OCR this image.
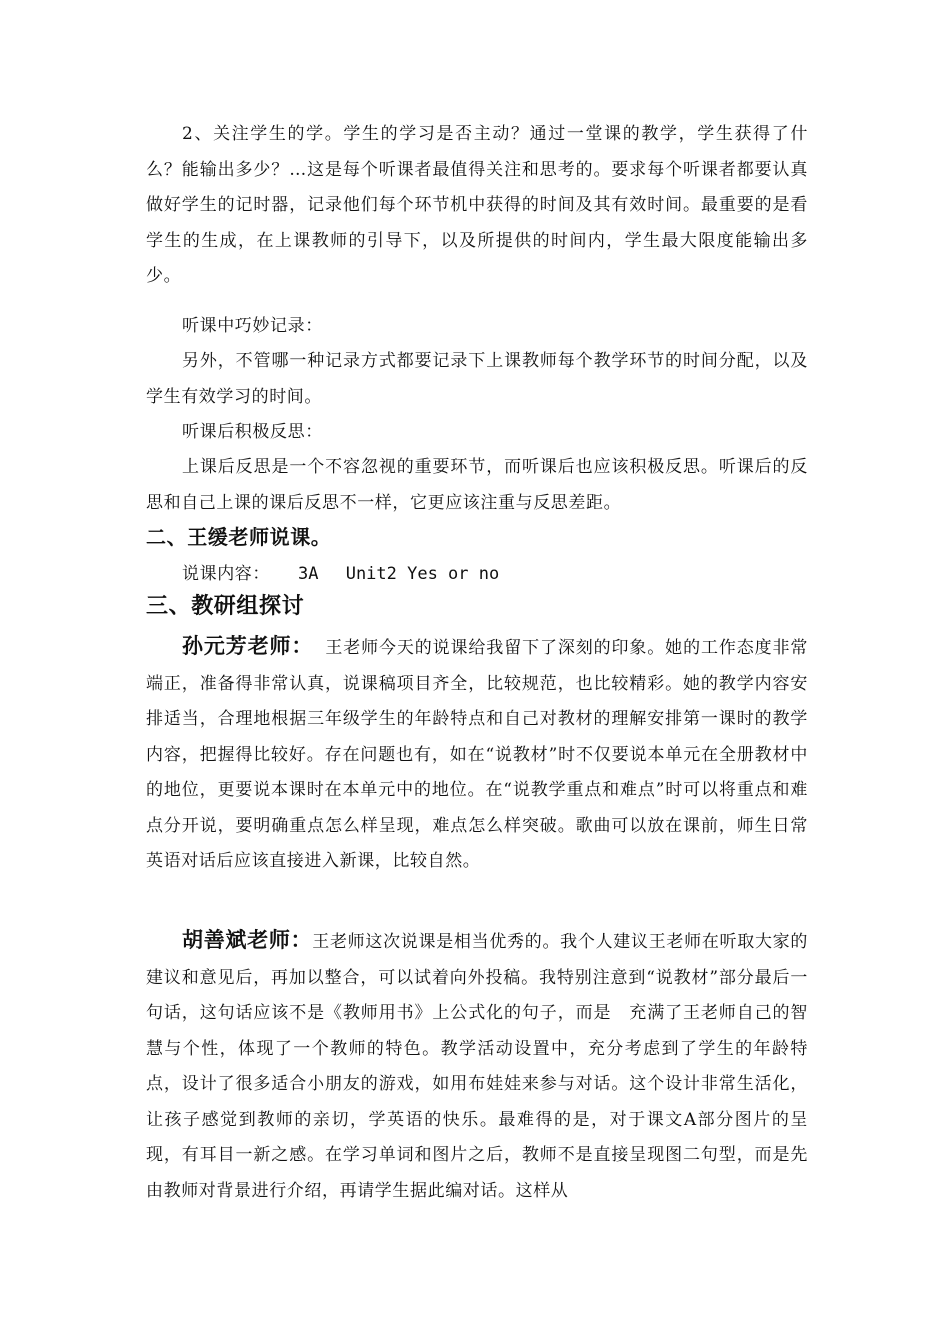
2、关注学生的学。学生的学习是否主动？通过一堂课的教学，学生获得了什么？能输出多少？…这是每个听课者最值得关注和思考的。要求每个听课者都要认真做好学生的记时器，记录他们每个环节机中获得的时间及其有效时间。最重要的是看学生的生成，在上课教师的引导下，以及所提供的时间内，学生最大限度能输出多少。

听课中巧妙记录：

另外，不管哪一种记录方式都要记录下上课教师每个教学环节的时间分配，以及学生有效学习的时间。

听课后积极反思：

上课后反思是一个不容忽视的重要环节，而听课后也应该积极反思。听课后的反思和自己上课的课后反思不一样，它更应该注重与反思差距。

二、王缓老师说课。

说课内容： 3A　 Unit2 Yes or no

三、教研组探讨

孙元芳老师： 王老师今天的说课给我留下了深刻的印象。她的工作态度非常端正，准备得非常认真，说课稿项目齐全，比较规范，也比较精彩。她的教学内容安排适当，合理地根据三年级学生的年龄特点和自己对教材的理解安排第一课时的教学内容，把握得比较好。存在问题也有，如在“说教材”时不仅要说本单元在全册教材中的地位，更要说本课时在本单元中的地位。在“说教学重点和难点”时可以将重点和难点分开说，要明确重点怎么样呈现，难点怎么样突破。歌曲可以放在课前，师生日常英语对话后应该直接进入新课，比较自然。

胡善斌老师：王老师这次说课是相当优秀的。我个人建议王老师在听取大家的建议和意见后，再加以整合，可以试着向外投稿。我特别注意到“说教材”部分最后一句话，这句话应该不是《教师用书》上公式化的句子，而是　充满了王老师自己的智慧与个性，体现了一个教师的特色。教学活动设置中，充分考虑到了学生的年龄特点，设计了很多适合小朋友的游戏，如用布娃娃来参与对话。这个设计非常生活化，让孩子感觉到教师的亲切，学英语的快乐。最难得的是，对于课文A部分图片的呈现，有耳目一新之感。在学习单词和图片之后，教师不是直接呈现图二句型，而是先由教师对背景进行介绍，再请学生据此编对话。这样从
